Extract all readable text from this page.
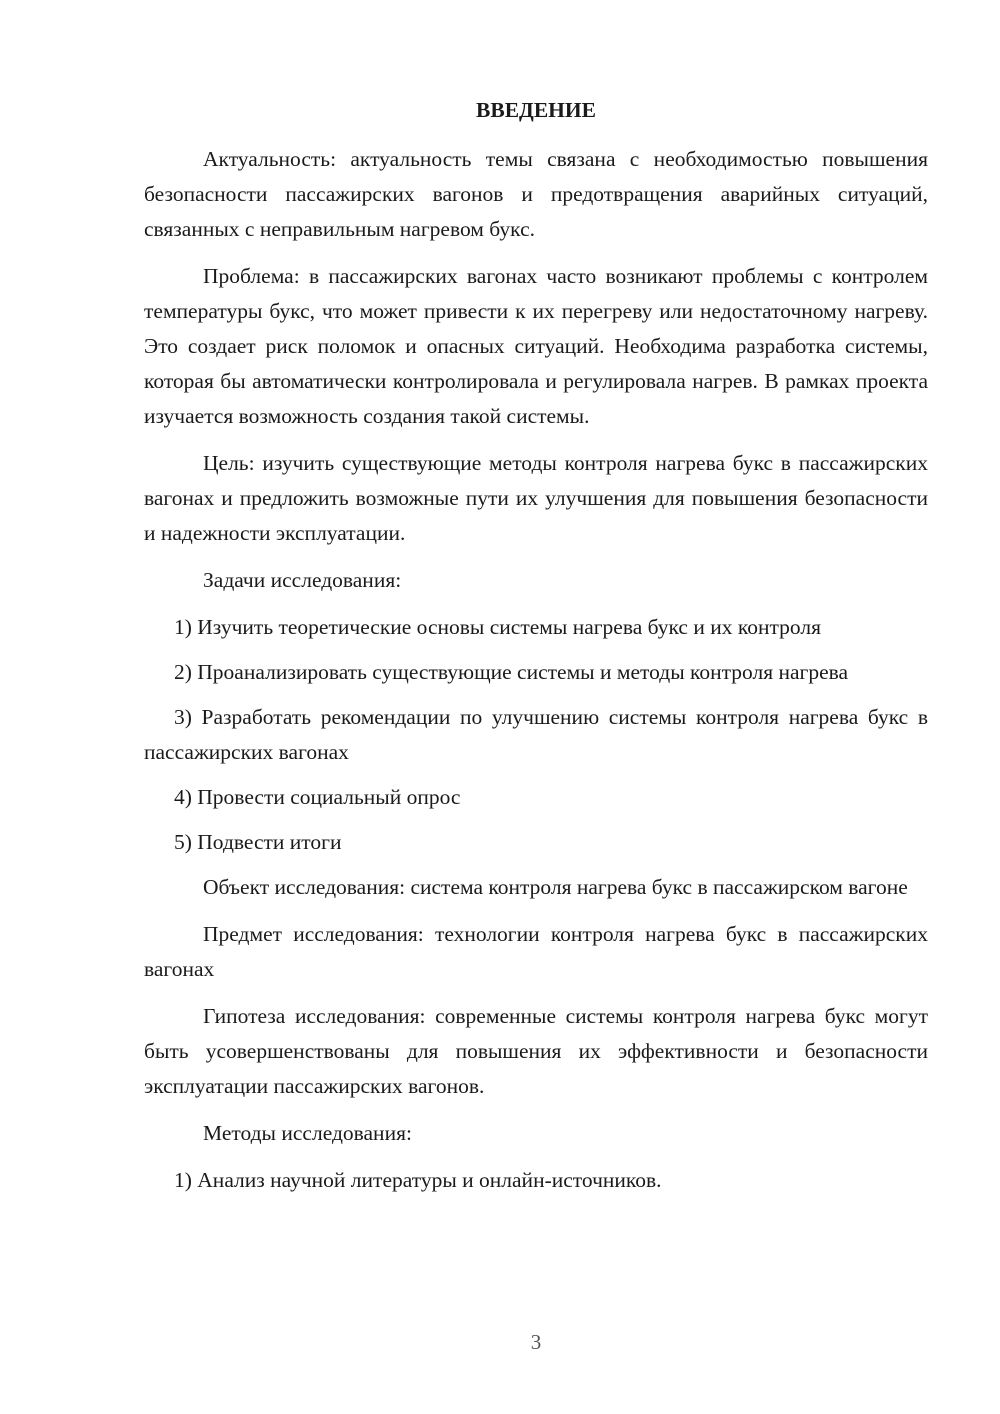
ВВЕДЕНИЕ

Актуальность: актуальность темы связана с необходимостью повышения безопасности пассажирских вагонов и предотвращения аварийных ситуаций, связанных с неправильным нагревом букс.

Проблема: в пассажирских вагонах часто возникают проблемы с контролем температуры букс, что может привести к их перегреву или недостаточному нагреву. Это создает риск поломок и опасных ситуаций. Необходима разработка системы, которая бы автоматически контролировала и регулировала нагрев. В рамках проекта изучается возможность создания такой системы.

Цель: изучить существующие методы контроля нагрева букс в пассажирских вагонах и предложить возможные пути их улучшения для повышения безопасности и надежности эксплуатации.

Задачи исследования:

1) Изучить теоретические основы системы нагрева букс и их контроля

2) Проанализировать существующие системы и методы контроля нагрева

3) Разработать рекомендации по улучшению системы контроля нагрева букс в пассажирских вагонах

4) Провести социальный опрос

5) Подвести итоги

Объект исследования: система контроля нагрева букс в пассажирском вагоне

Предмет исследования: технологии контроля нагрева букс в пассажирских вагонах

Гипотеза исследования: современные системы контроля нагрева букс могут быть усовершенствованы для повышения их эффективности и безопасности эксплуатации пассажирских вагонов.

Методы исследования:

1) Анализ научной литературы и онлайн-источников.

3
